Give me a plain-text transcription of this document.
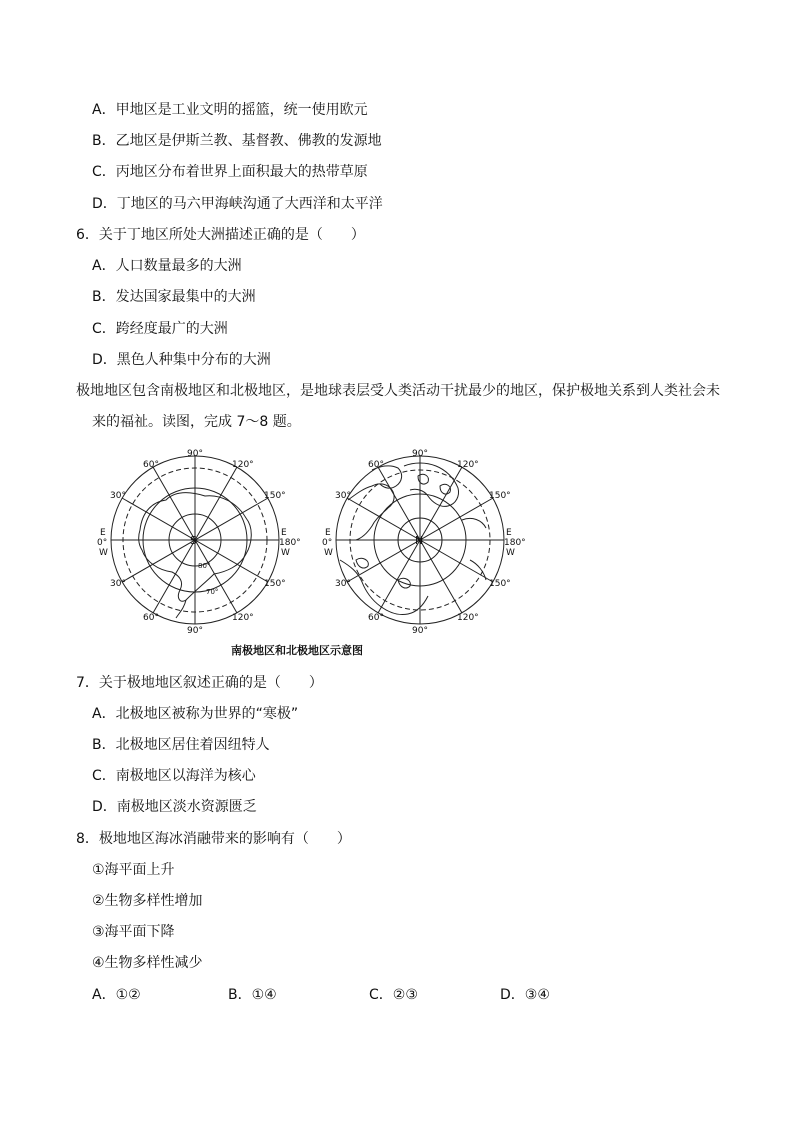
A．甲地区是工业文明的摇篮，统一使用欧元
B．乙地区是伊斯兰教、基督教、佛教的发源地
C．丙地区分布着世界上面积最大的热带草原
D．丁地区的马六甲海峡沟通了大西洋和太平洋
6．关于丁地区所处大洲描述正确的是（　　）
A．人口数量最多的大洲
B．发达国家最集中的大洲
C．跨经度最广的大洲
D．黑色人种集中分布的大洲
极地地区包含南极地区和北极地区，是地球表层受人类活动干扰最少的地区，保护极地关系到人类社会未
来的福祉。读图，完成 7～8 题。
90°
90°
60°	120°
30°	150°
30°	150°
60°	120°
E
0°
W
E
180°
W
S
80°
70°
90°
90°
60°	120°
30°	150°
30°	150°
60°	120°
E
0°
W
E
180°
W
N
南极地区和北极地区示意图
7．关于极地地区叙述正确的是（　　）
A．北极地区被称为世界的“寒极”
B．北极地区居住着因纽特人
C．南极地区以海洋为核心
D．南极地区淡水资源匮乏
8．极地地区海冰消融带来的影响有（　　）
①海平面上升
②生物多样性增加
③海平面下降
④生物多样性减少
A．①②	B．①④	C．②③	D．③④
